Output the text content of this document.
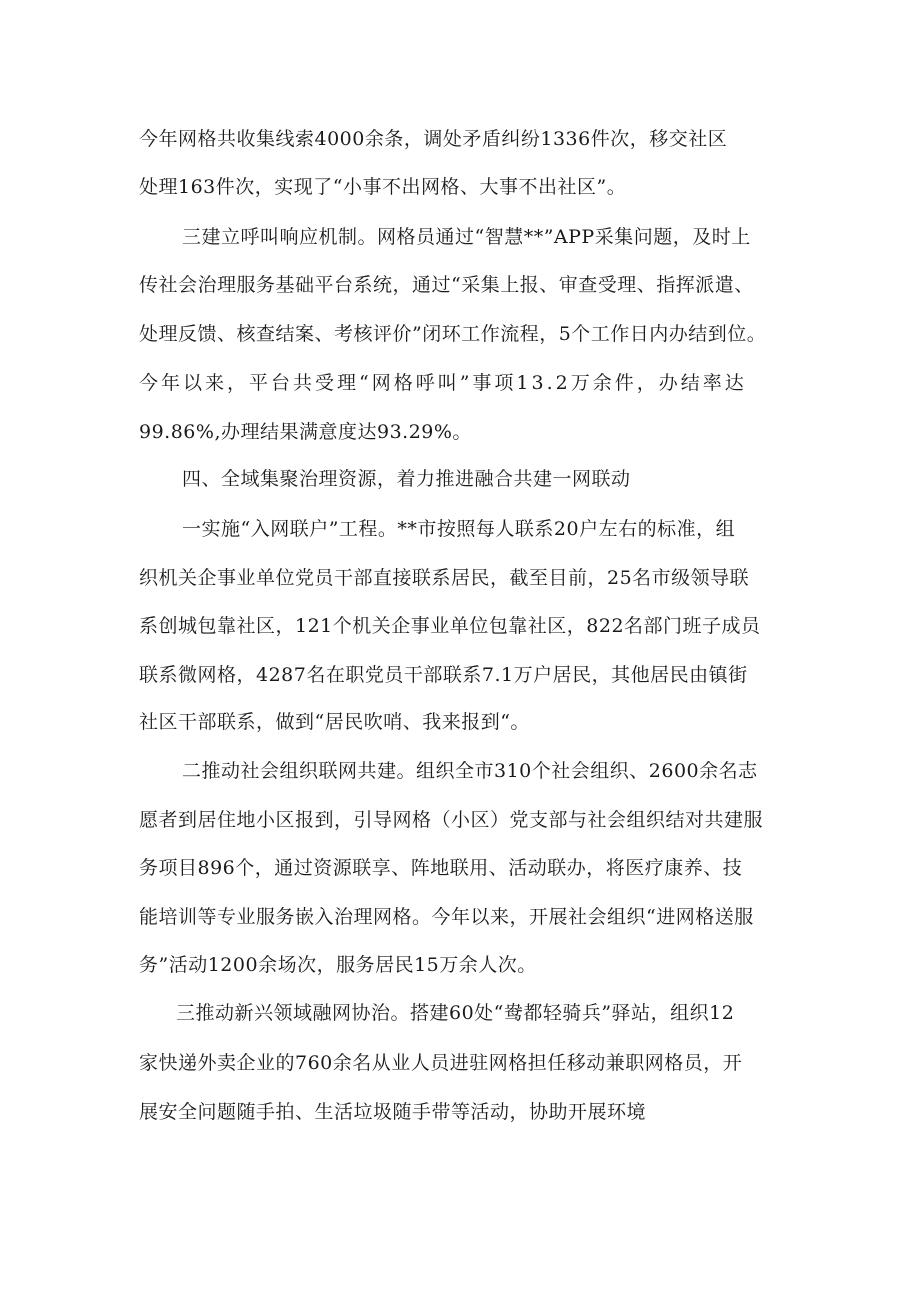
今年网格共收集线索4000余条，调处矛盾纠纷1336件次，移交社区
处理163件次，实现了“小事不出网格、大事不出社区”。
三建立呼叫响应机制。网格员通过“智慧**”APP采集问题，及时上
传社会治理服务基础平台系统，通过“采集上报、审查受理、指挥派遣、
处理反馈、核查结案、考核评价”闭环工作流程，5个工作日内办结到位。
今年以来，平台共受理“网格呼叫”事项13.2万余件，办结率达
99.86%,办理结果满意度达93.29%。
四、全域集聚治理资源，着力推进融合共建一网联动
一实施“入网联户”工程。**市按照每人联系20户左右的标准，组
织机关企事业单位党员干部直接联系居民，截至目前，25名市级领导联
系创城包靠社区，121个机关企事业单位包靠社区，822名部门班子成员
联系微网格，4287名在职党员干部联系7.1万户居民，其他居民由镇街
社区干部联系，做到“居民吹哨、我来报到“。
二推动社会组织联网共建。组织全市310个社会组织、2600余名志
愿者到居住地小区报到，引导网格（小区）党支部与社会组织结对共建服
务项目896个，通过资源联享、阵地联用、活动联办，将医疗康养、技
能培训等专业服务嵌入治理网格。今年以来，开展社会组织“进网格送服
务”活动1200余场次，服务居民15万余人次。
三推动新兴领域融网协治。搭建60处“鸯都轻骑兵”驿站，组织12
家快递外卖企业的760余名从业人员进驻网格担任移动兼职网格员，开
展安全问题随手拍、生活垃圾随手带等活动，协助开展环境
